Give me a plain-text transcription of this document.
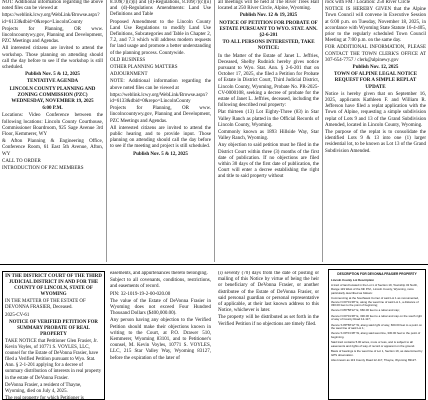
NOT: Additional information regarding the above noted files can be viewed at

https://weblink.lcwy.org/WebLink/Browse.aspx?id=6133&dbid=0&repo=LincolnCounty

Projects for Planning, OR www. lincolncountywy.gov, Planning and Development, PZC Meetings and Agendas.

All interested citizens are invited to attend the workshop. Those planning on attending should call the day before to see if the workshop is still scheduled.

Publish Nov. 5 & 12, 2025

TENTATIVE AGENDA

LINCOLN COUNTY PLANNING AND ZONING COMMISSION (PZC) WEDNESDAY, NOVEMBER 19, 2025

6:00 P.M.

Locations: Video Conference between the following locations: Lincoln County Courthouse, Commissioner Boardroom, 925 Sage Avenue 3rd Floor, Kemmerer, WY

& Afton Planning & Engineering Office, Conference Room, 61 East 5th Avenue, Afton, WY

CALL TO ORDER

INTRODUCTION OF PZC MEMBERS

8.109(7)(c)(i) and (d)-Regulations, 8.109(7)(c)(ii) and (d)-Regulations Amendments: Land Use Definitions and Table

Proposed Amendment to the Lincoln County Land Use Regulations to modify Land Use Definitions, Subcategories and Table in Chapter 2, 7.2, and 7.3 which will address modern requests for land usage and promote a better understanding of the planning process. Countywide.

OLD BUSINESS

OTHER PLANNING MATTERS

ADJOURNMENT

NOTE: Additional information regarding the above noted files can be viewed at

https://weblink.lcwy.org/WebLink/Browse.aspx?id=6133&dbid=0&repo=LincolnCounty

Projects for Planning, OR www. lincolncountywy.gov, Planning and Development, PZC Meetings and Agendas.

All interested citizens are invited to attend the public hearing and to provide input. Those planning on attending should call the day before to see if the meeting and project is still scheduled.

Publish Nov. 5 & 12, 2025

all meetings will be held at The River Trees Hall located at 250 River Circle, Alpine, Wyoming.

Publish Nov. 12 & 19, 2025

NOTICE OF PETITION FOR PROBATE OF ESTATE PURSUANT TO WYO. STAT. ANN. §2-6-201

TO ALL PERSONS INTERESTED, TAKE NOTICE:

In the Matter of the Estate of Janet L. Jeffries, Deceased, Shelby Rudnick hereby gives notice pursuant to Wyo. Stat. Ann. § 2-6-201 that on October 17, 2025, she filed a Petition for Probate of Estate in District Court, Third Judicial District, Lincoln County, Wyoming, Probate No. PR-2025-CV-0000108, seeking a decree of probate for the estate of Janet L. Jeffries, deceased, including the following described real property:

Plat thirteen (13) Lot Eighty-Three (83) in Star Valley Ranch as platted in the Official Records of Lincoln County, Wyoming.

Commonly known as 1893 Hillside Way, Star Valley Ranch, Wyoming.

Any objection to said petition must be filed in the District Court within three (3) months of the first date of publication. If no objections are filed within 30 days of the first date of publication, the Court will enter a decree establishing the right and title to said property without

rock with FM / Location: 250 River Circle

NOTICE IS HEREBY GIVEN that the Alpine Town Council will convene in Executive Session at 6:00 p.m. on Tuesday, November 18, 2025, in accordance with Wyoming State Statute 16-4-405, prior to the regularly scheduled Town Council Meeting at 7:00 p.m. on the same day.

FOR ADDITIONAL INFORMATION, PLEASE CONTACT THE TOWN CLERK'S OFFICE AT 307-654-7757 / clerk@alpinewy.gov

Publish Nov. 12, 2025

TOWN OF ALPINE LEGAL NOTICE REQUEST FOR A SIMPLE REPLAT UPDATE

Notice is hereby given that on September 16, 2025, applicants Kathleen F. and William R. Jefferson have filed a replat application with the Town of Alpine, requesting a simple subdivision replat of Lots 9 and 13 of the Grand Subdivision Amended, located in Lincoln County, Wyoming.

The purpose of the replat is to consolidate the identified Lots 9 & 13 into one (1) larger residential lot, to be known as Lot 13 of the Grand Subdivision Amended.

IN THE DISTRICT COURT OF THE THIRD JUDICIAL DISTRICT IN AND FOR THE COUNTY OF LINCOLN, STATE OF WYOMING

IN THE MATTER OF THE ESTATE OF DEVONNA FRASIER, Deceased.

2025-CV-61

NOTICE OF VERIFIED PETITION FOR SUMMARY PROBATE OF REAL PROPERTY

TAKE NOTICE that Petitioner Glen Frasier, Jr. Kevin Voyles, of 10771 S. VOYLES, LLC, counsel for the Estate of DeVonna Frasier, have filed a Verified Petition pursuant to Wyo. Stat. Ann. § 2-1-201 applying for a decree of summary distribution of interests in real property in the estate of DeVonna Frasier.

DeVonna Frasier, a resident of Thayne, Wyoming, died on July 4, 2025.

The real property for which Petitioner is

easements, and appurtenances thereto belonging.

Subject to all covenants, conditions, restrictions, and easements of record.

PIN: 32-1019-19-2-00-020.00

The value of the Estate of DeVonna Frasier in Wyoming does not exceed Four Hundred Thousand Dollars ($400,000.00).

Any person having any objection to the Verified Petition should make their objections known in writing to the Court, at P.O. Drawer 510, Kemmerer, Wyoming 83101, and to Petitioner's counsel, M. Kevin Voyles, 10771 S. VOYLES, LLC, 215 Star Valley Way, Wyoming 83127, before the expiration of the later of

(i) seventy (70) days from the date of posting or mailing of this Notice by virtue of being the heir or beneficiary of DeVonna Frasier, or another distributee of the Estate of DeVonna Frasier, or said personal guardian or personal representative of applicable, at their last known address to this Notice, whichever is later.

The property will be distributed as set forth in the Verified Petition if no objections are timely filed.

DESCRIPTION FOR DEVONNA FRASIER PROPERTY

Lincoln County Lot Description

A tract of land located in the Lot 1 of Section 19, Township 32 North, Range 119 West of the 6th P.M., Lincoln County, Wyoming, more particularly described as follows:

Commencing at the Southwest Corner of said Lot 1 as monumented, thence N 00°01'48" E, along the west line of said Lot 1, a distance of 330.00 feet to the point of beginning;

thence N 89°58'12" E, 660.00 feet to a rebar and cap;

thence N 00°01'48" E, 330.00 feet to a rebar and cap on the south right of way of County Road 12-117;

thence S 89°58'12" W, along said right of way, 660.00 feet to a point on the west line of said Lot 1;

thence S 00°01'48" W, along said west line, 330.00 feet to the point of beginning.

Said tract contains 5.00 acres, more or less, and is subject to all easements and rights of way of record or apparent on the ground.

Basis of bearings is the west line of Lot 1, Section 19, as determined by GPS observation.

Also known as 113 County Road 12-117, Thayne, Wyoming 83127.
